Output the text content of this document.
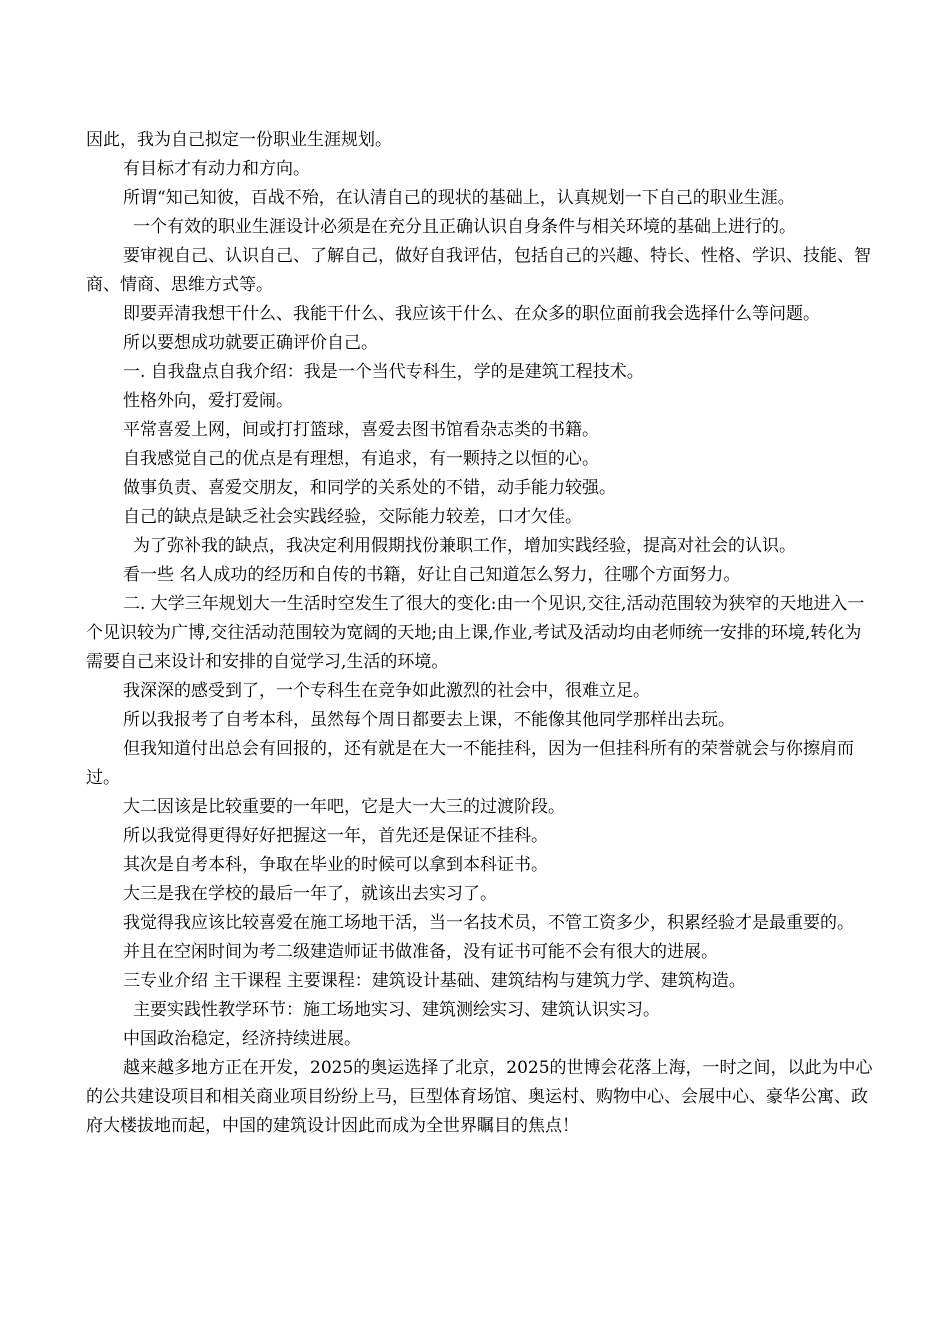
因此，我为自己拟定一份职业生涯规划。

有目标才有动力和方向。

所谓“知己知彼，百战不殆，在认清自己的现状的基础上，认真规划一下自己的职业生涯。

一个有效的职业生涯设计必须是在充分且正确认识自身条件与相关环境的基础上进行的。

要审视自己、认识自己、了解自己，做好自我评估，包括自己的兴趣、特长、性格、学识、技能、智商、情商、思维方式等。

即要弄清我想干什么、我能干什么、我应该干什么、在众多的职位面前我会选择什么等问题。

所以要想成功就要正确评价自己。

一. 自我盘点自我介绍：我是一个当代专科生，学的是建筑工程技术。

性格外向，爱打爱闹。

平常喜爱上网，间或打打篮球，喜爱去图书馆看杂志类的书籍。

自我感觉自己的优点是有理想，有追求，有一颗持之以恒的心。

做事负责、喜爱交朋友，和同学的关系处的不错，动手能力较强。

自己的缺点是缺乏社会实践经验，交际能力较差，口才欠佳。

为了弥补我的缺点，我决定利用假期找份兼职工作，增加实践经验，提高对社会的认识。

看一些 名人成功的经历和自传的书籍，好让自己知道怎么努力，往哪个方面努力。

二. 大学三年规划大一生活时空发生了很大的变化:由一个见识,交往,活动范围较为狭窄的天地进入一个见识较为广博,交往活动范围较为宽阔的天地;由上课,作业,考试及活动均由老师统一安排的环境,转化为需要自己来设计和安排的自觉学习,生活的环境。

我深深的感受到了，一个专科生在竞争如此激烈的社会中，很难立足。

所以我报考了自考本科，虽然每个周日都要去上课，不能像其他同学那样出去玩。

但我知道付出总会有回报的，还有就是在大一不能挂科，因为一但挂科所有的荣誉就会与你擦肩而过。

大二因该是比较重要的一年吧，它是大一大三的过渡阶段。

所以我觉得更得好好把握这一年，首先还是保证不挂科。

其次是自考本科，争取在毕业的时候可以拿到本科证书。

大三是我在学校的最后一年了，就该出去实习了。

我觉得我应该比较喜爱在施工场地干活，当一名技术员，不管工资多少，积累经验才是最重要的。

并且在空闲时间为考二级建造师证书做准备，没有证书可能不会有很大的进展。

三专业介绍 主干课程 主要课程：建筑设计基础、建筑结构与建筑力学、建筑构造。

主要实践性教学环节：施工场地实习、建筑测绘实习、建筑认识实习。

中国政治稳定，经济持续进展。

越来越多地方正在开发，2025的奥运选择了北京，2025的世博会花落上海，一时之间，以此为中心的公共建设项目和相关商业项目纷纷上马，巨型体育场馆、奥运村、购物中心、会展中心、豪华公寓、政府大楼拔地而起，中国的建筑设计因此而成为全世界瞩目的焦点！
